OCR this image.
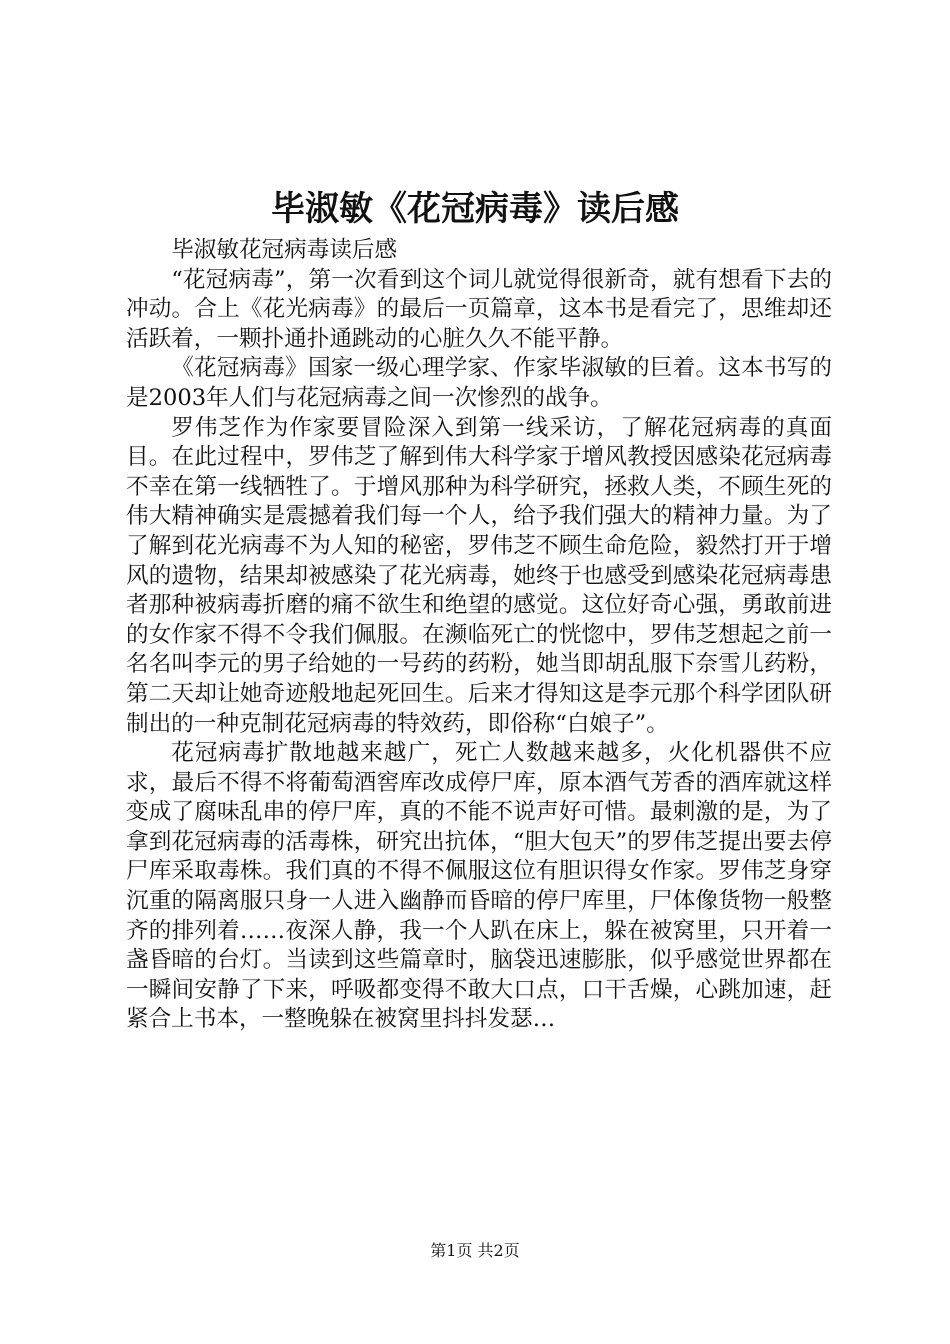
毕淑敏《花冠病毒》读后感

毕淑敏花冠病毒读后感

“花冠病毒”，第一次看到这个词儿就觉得很新奇，就有想看下去的冲动。合上《花光病毒》的最后一页篇章，这本书是看完了，思维却还活跃着，一颗扑通扑通跳动的心脏久久不能平静。

《花冠病毒》国家一级心理学家、作家毕淑敏的巨着。这本书写的是2003年人们与花冠病毒之间一次惨烈的战争。

罗伟芝作为作家要冒险深入到第一线采访，了解花冠病毒的真面目。在此过程中，罗伟芝了解到伟大科学家于增风教授因感染花冠病毒不幸在第一线牺牲了。于增风那种为科学研究，拯救人类，不顾生死的伟大精神确实是震撼着我们每一个人，给予我们强大的精神力量。为了了解到花光病毒不为人知的秘密，罗伟芝不顾生命危险，毅然打开于增风的遗物，结果却被感染了花光病毒，她终于也感受到感染花冠病毒患者那种被病毒折磨的痛不欲生和绝望的感觉。这位好奇心强，勇敢前进的女作家不得不令我们佩服。在濒临死亡的恍惚中，罗伟芝想起之前一名名叫李元的男子给她的一号药的药粉，她当即胡乱服下奈雪儿药粉，第二天却让她奇迹般地起死回生。后来才得知这是李元那个科学团队研制出的一种克制花冠病毒的特效药，即俗称“白娘子”。

花冠病毒扩散地越来越广，死亡人数越来越多，火化机器供不应求，最后不得不将葡萄酒窖库改成停尸库，原本酒气芳香的酒库就这样变成了腐味乱串的停尸库，真的不能不说声好可惜。最刺激的是，为了拿到花冠病毒的活毒株，研究出抗体，“胆大包天”的罗伟芝提出要去停尸库采取毒株。我们真的不得不佩服这位有胆识得女作家。罗伟芝身穿沉重的隔离服只身一人进入幽静而昏暗的停尸库里，尸体像货物一般整齐的排列着……夜深人静，我一个人趴在床上，躲在被窝里，只开着一盏昏暗的台灯。当读到这些篇章时，脑袋迅速膨胀，似乎感觉世界都在一瞬间安静了下来，呼吸都变得不敢大口点，口干舌燥，心跳加速，赶紧合上书本，一整晚躲在被窝里抖抖发瑟…

第1页 共2页
